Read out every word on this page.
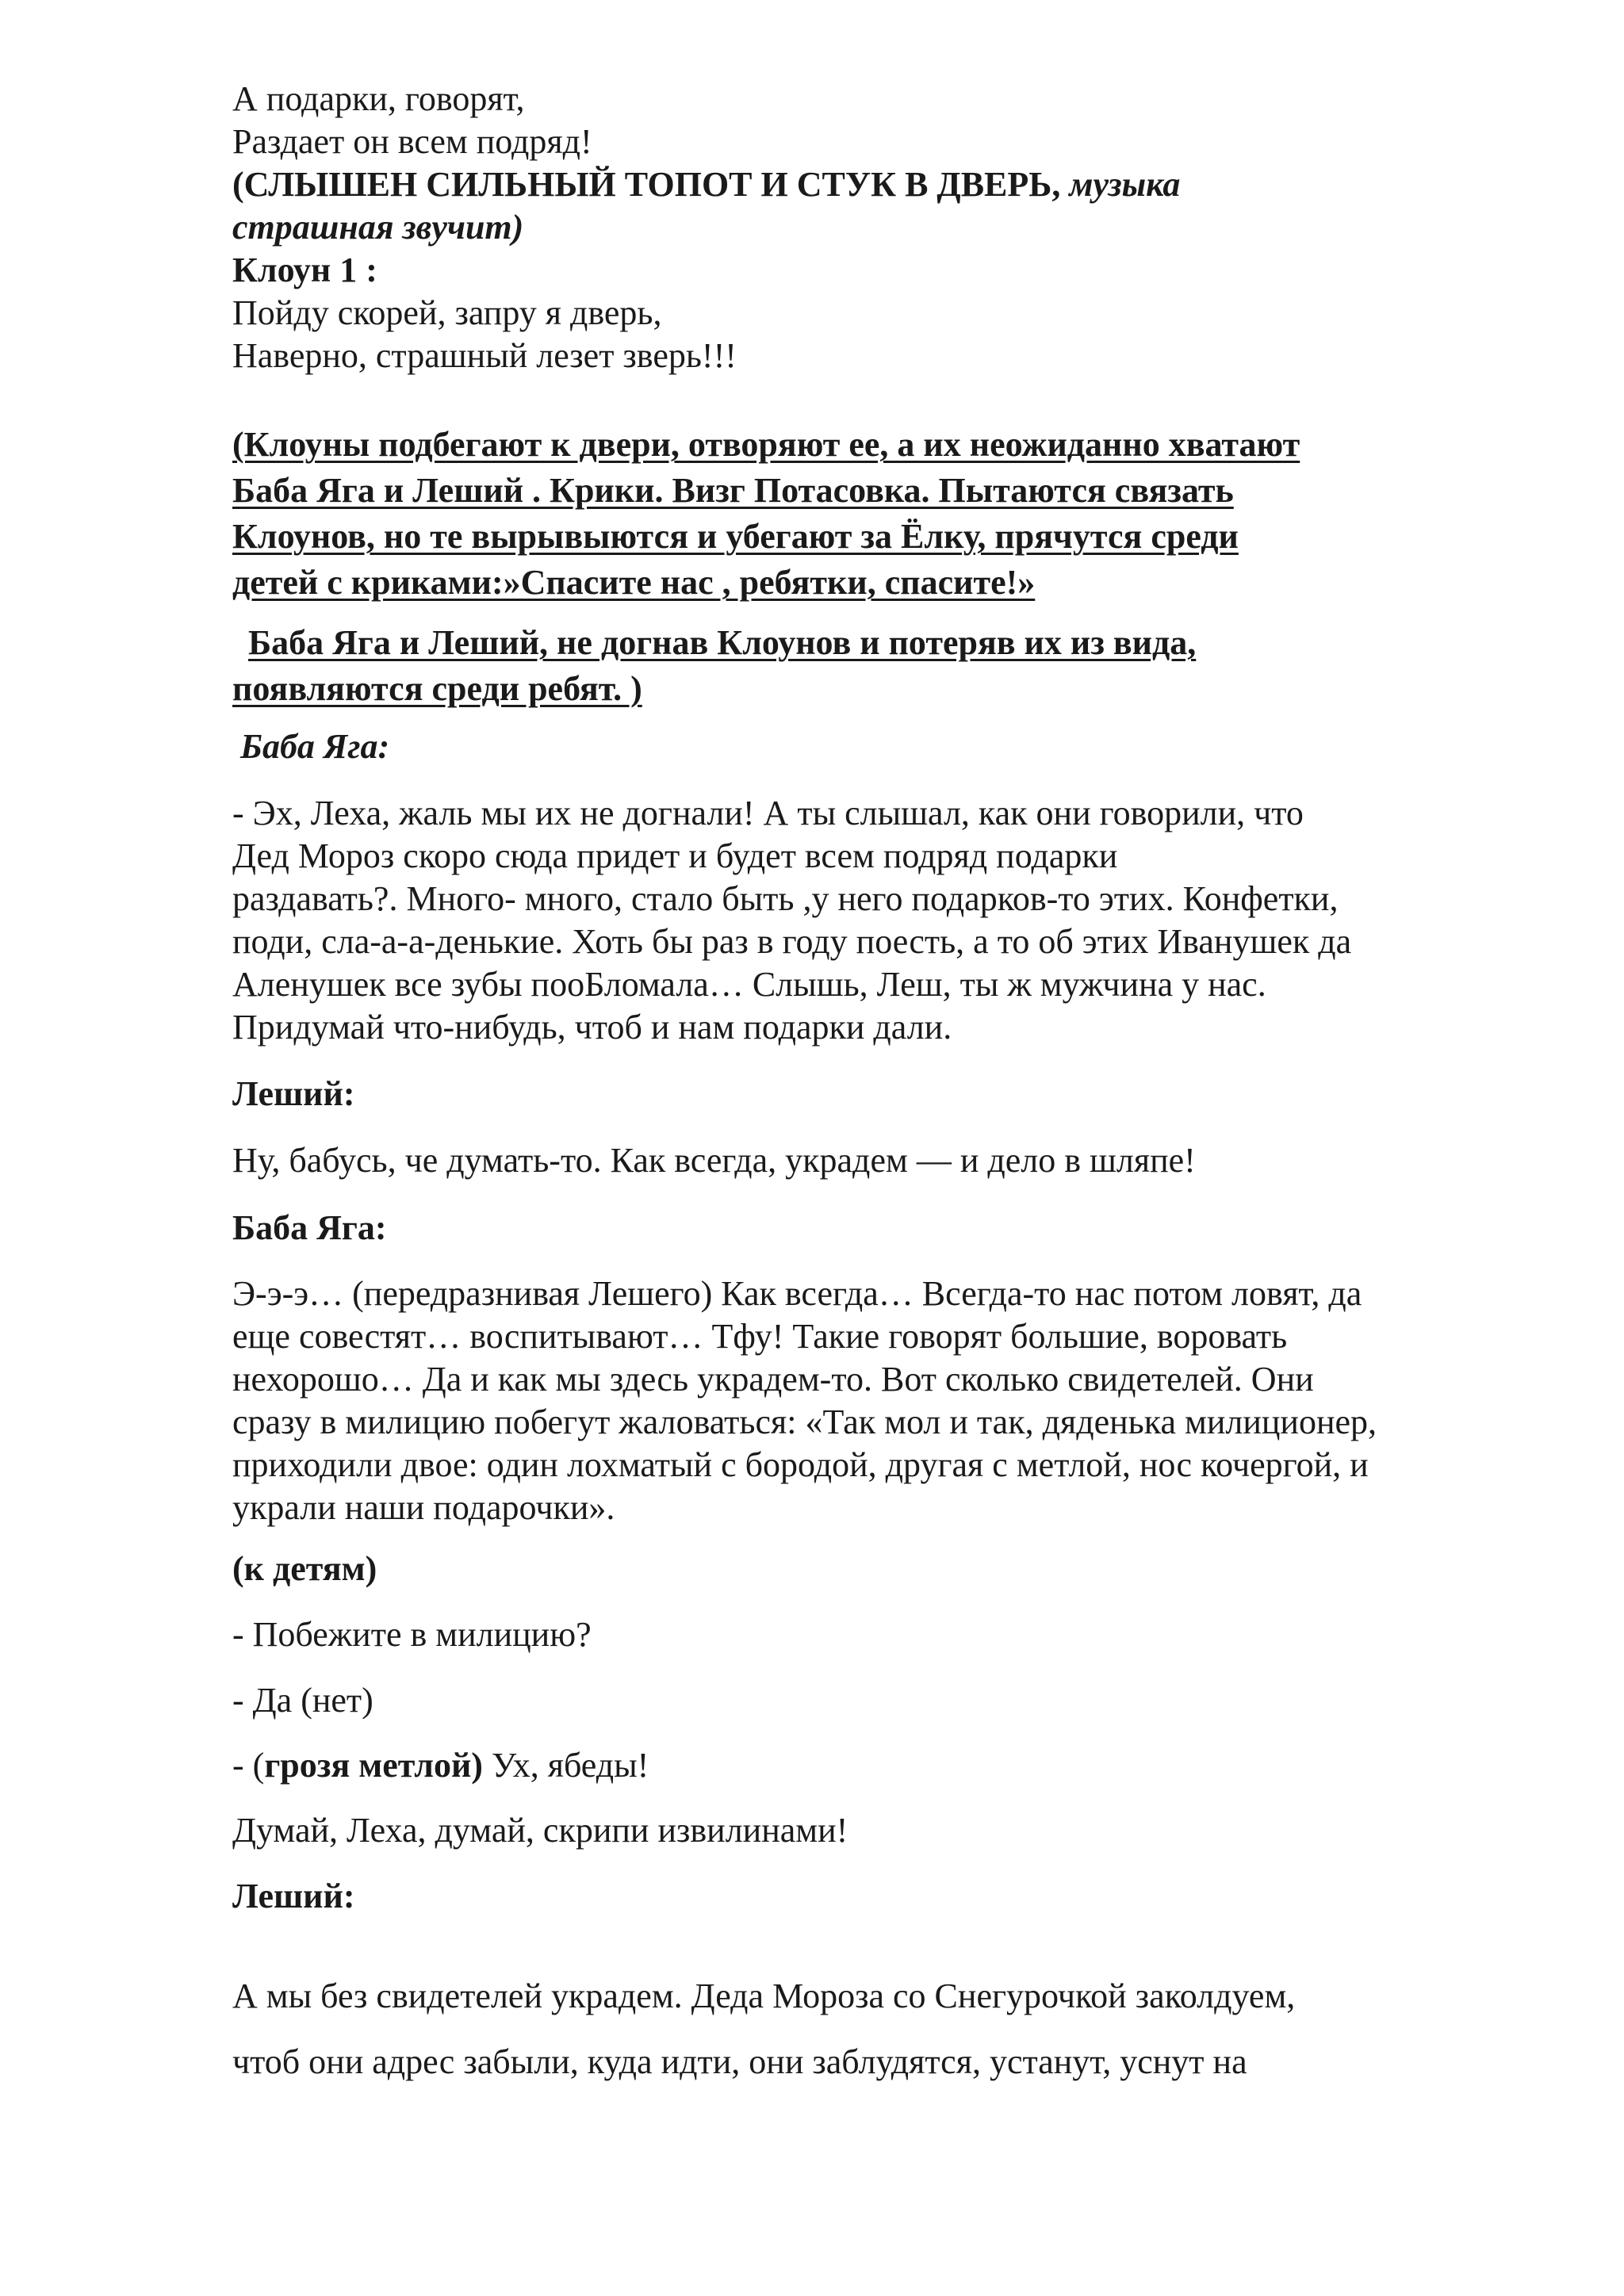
А подарки, говорят,
Раздает он всем подряд!

(СЛЫШЕН СИЛЬНЫЙ ТОПОТ И СТУК В ДВЕРЬ, музыка
страшная звучит)

Клоун 1 :
Пойду скорей, запру я дверь,
Наверно, страшный лезет зверь!!!

(Клоуны подбегают к двери, отворяют ее, а их неожиданно хватают
Баба Яга и Леший . Крики. Визг Потасовка. Пытаются связать
Клоунов, но те вырывыются и убегают за Ёлку, прячутся среди
детей с криками:»Спасите нас , ребятки, спасите!»

Баба Яга и Леший, не догнав Клоунов и потеряв их из вида,
появляются среди ребят. )

Баба Яга:

- Эх, Леха, жаль мы их не догнали! А ты слышал, как они говорили, что
Дед Мороз скоро сюда придет и будет всем подряд подарки
раздавать?. Много- много, стало быть ,у него подарков-то этих. Конфетки,
поди, сла-а-а-денькие. Хоть бы раз в году поесть, а то об этих Иванушек да
Аленушек все зубы пооБломала… Слышь, Леш, ты ж мужчина у нас.
Придумай что-нибудь, чтоб и нам подарки дали.

Леший:

Ну, бабусь, че думать-то. Как всегда, украдем — и дело в шляпе!

Баба Яга:

Э-э-э… (передразнивая Лешего) Как всегда… Всегда-то нас потом ловят, да
еще совестят… воспитывают… Тфу! Такие говорят большие, воровать
нехорошо… Да и как мы здесь украдем-то. Вот сколько свидетелей. Они
сразу в милицию побегут жаловаться: «Так мол и так, дяденька милиционер,
приходили двое: один лохматый с бородой, другая с метлой, нос кочергой, и
украли наши подарочки».

(к детям)

- Побежите в милицию?

- Да (нет)

- (грозя метлой) Ух, ябеды!

Думай, Леха, думай, скрипи извилинами!

Леший:

А мы без свидетелей украдем. Деда Мороза со Снегурочкой заколдуем,

чтоб они адрес забыли, куда идти, они заблудятся, устанут, уснут на
